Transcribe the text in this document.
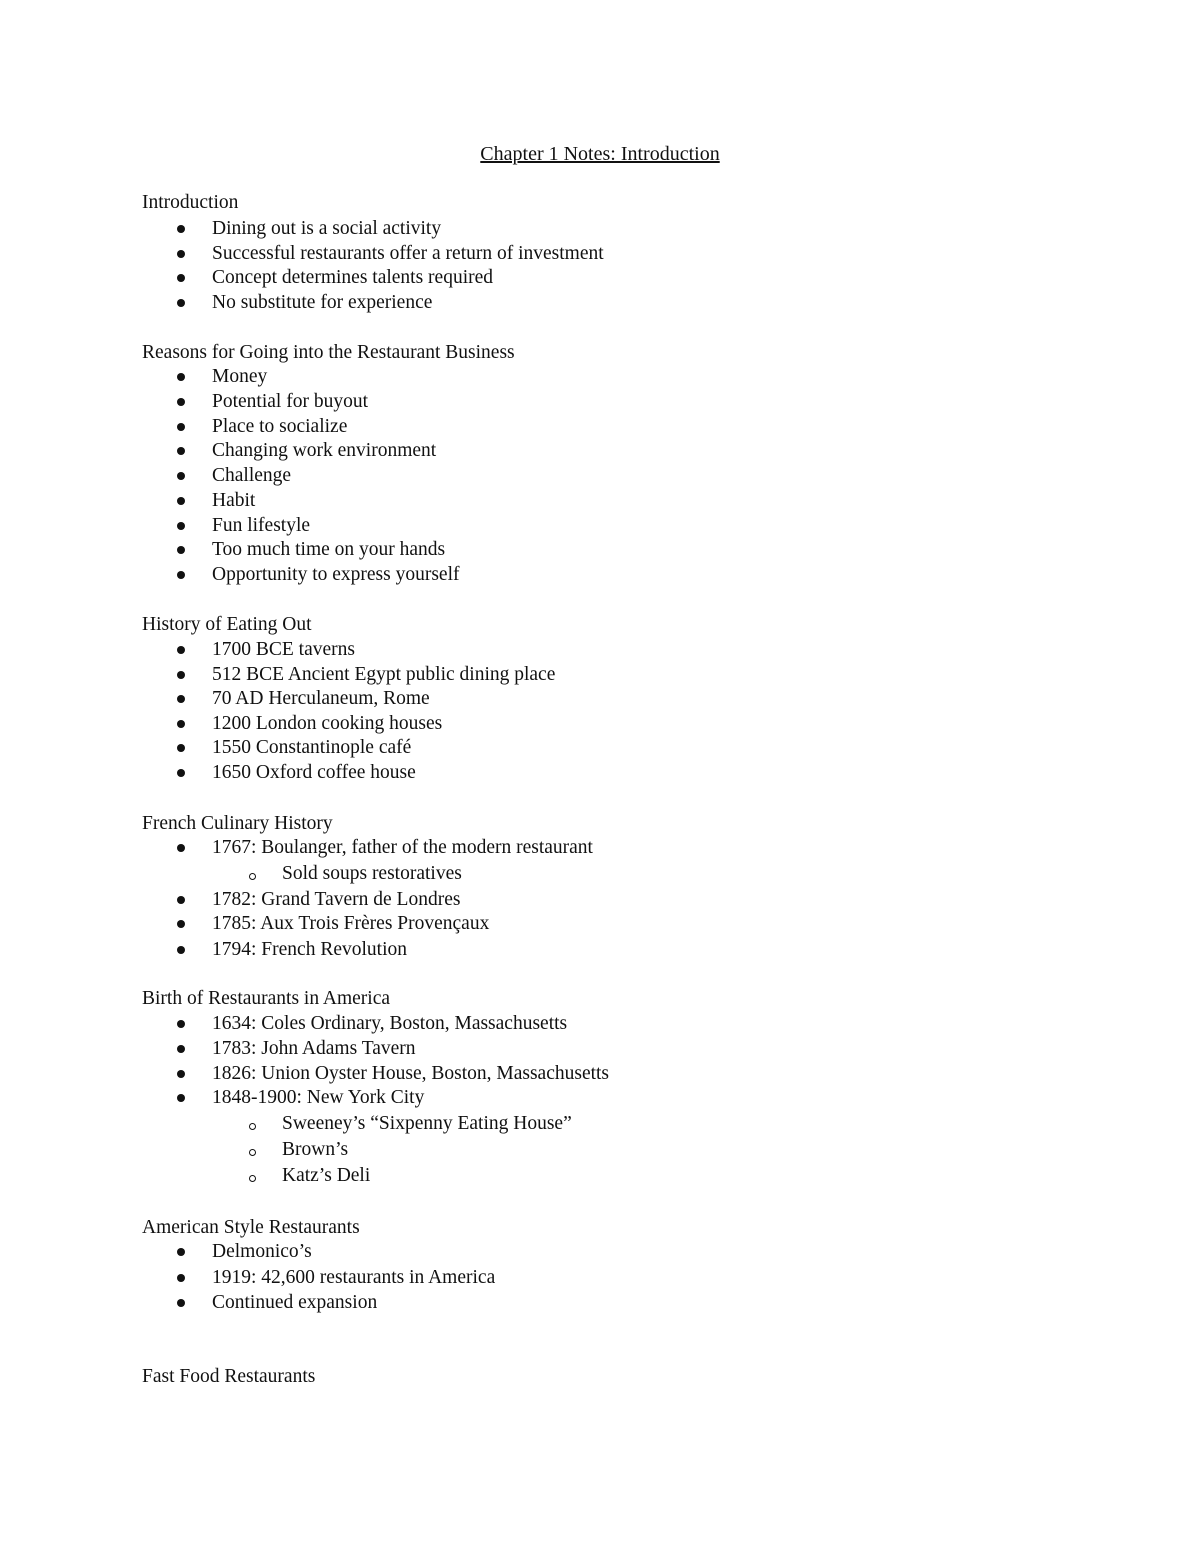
Chapter 1 Notes: Introduction
Introduction
Dining out is a social activity
Successful restaurants offer a return of investment
Concept determines talents required
No substitute for experience
Reasons for Going into the Restaurant Business
Money
Potential for buyout
Place to socialize
Changing work environment
Challenge
Habit
Fun lifestyle
Too much time on your hands
Opportunity to express yourself
History of Eating Out
1700 BCE taverns
512 BCE Ancient Egypt public dining place
70 AD Herculaneum, Rome
1200 London cooking houses
1550 Constantinople café
1650 Oxford coffee house
French Culinary History
1767: Boulanger, father of the modern restaurant
Sold soups restoratives
1782: Grand Tavern de Londres
1785: Aux Trois Frères Provençaux
1794: French Revolution
Birth of Restaurants in America
1634: Coles Ordinary, Boston, Massachusetts
1783: John Adams Tavern
1826: Union Oyster House, Boston, Massachusetts
1848-1900: New York City
Sweeney’s “Sixpenny Eating House”
Brown’s
Katz’s Deli
American Style Restaurants
Delmonico’s
1919: 42,600 restaurants in America
Continued expansion
Fast Food Restaurants
